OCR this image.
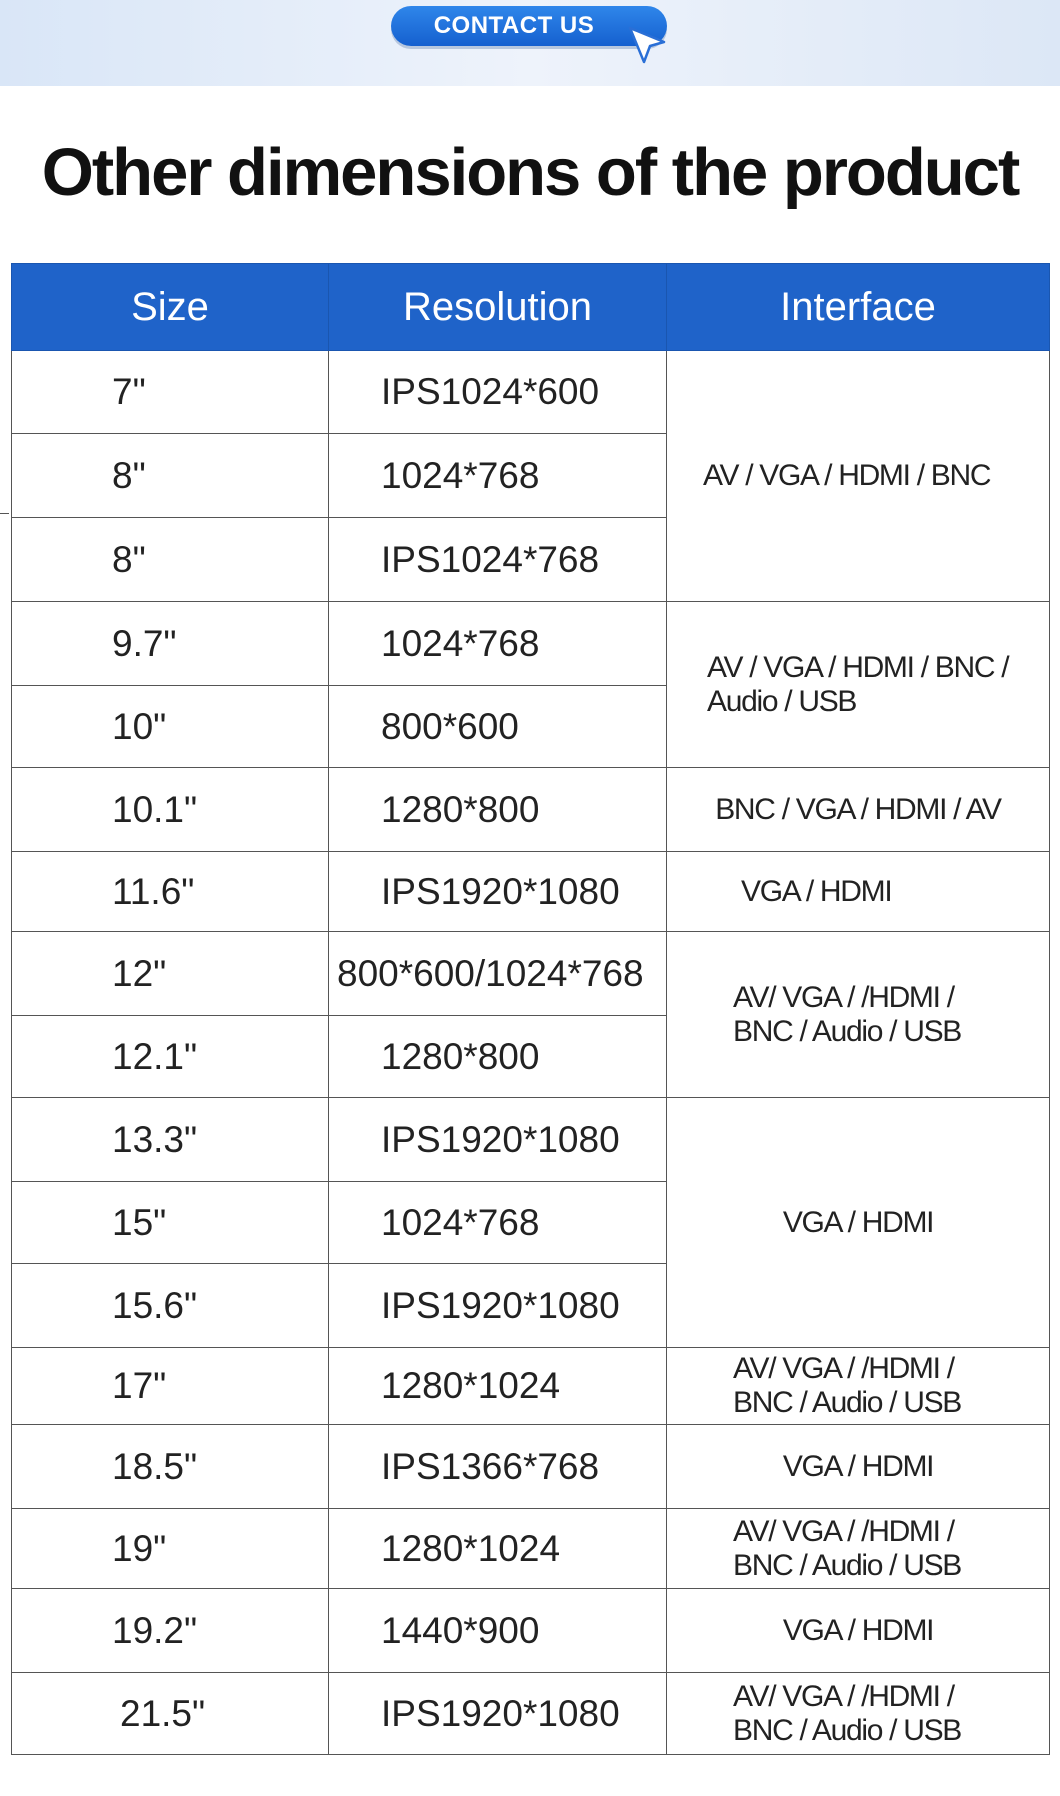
CONTACT US
Other dimensions of the product
Size	Resolution	Interface
7"	IPS1024*600	AV / VGA / HDMI / BNC

8"	1024*768	
8"	IPS1024*768	
9.7"	1024*768	AV / VGA / HDMI / BNC /
Audio / USB

10"	800*600	
10.1"	1280*800	BNC / VGA / HDMI / AV

11.6"	IPS1920*1080	VGA / HDMI

12"	800*600/1024*768	AV/ VGA / /HDMI /
BNC / Audio / USB

12.1"	1280*800	
13.3"	IPS1920*1080	VGA / HDMI

15"	1024*768	
15.6"	IPS1920*1080	
17"	1280*1024	AV/ VGA / /HDMI /
BNC / Audio / USB

18.5"	IPS1366*768	VGA / HDMI

19"	1280*1024	AV/ VGA / /HDMI /
BNC / Audio / USB

19.2"	1440*900	VGA / HDMI

21.5"	IPS1920*1080	AV/ VGA / /HDMI /
BNC / Audio / USB
